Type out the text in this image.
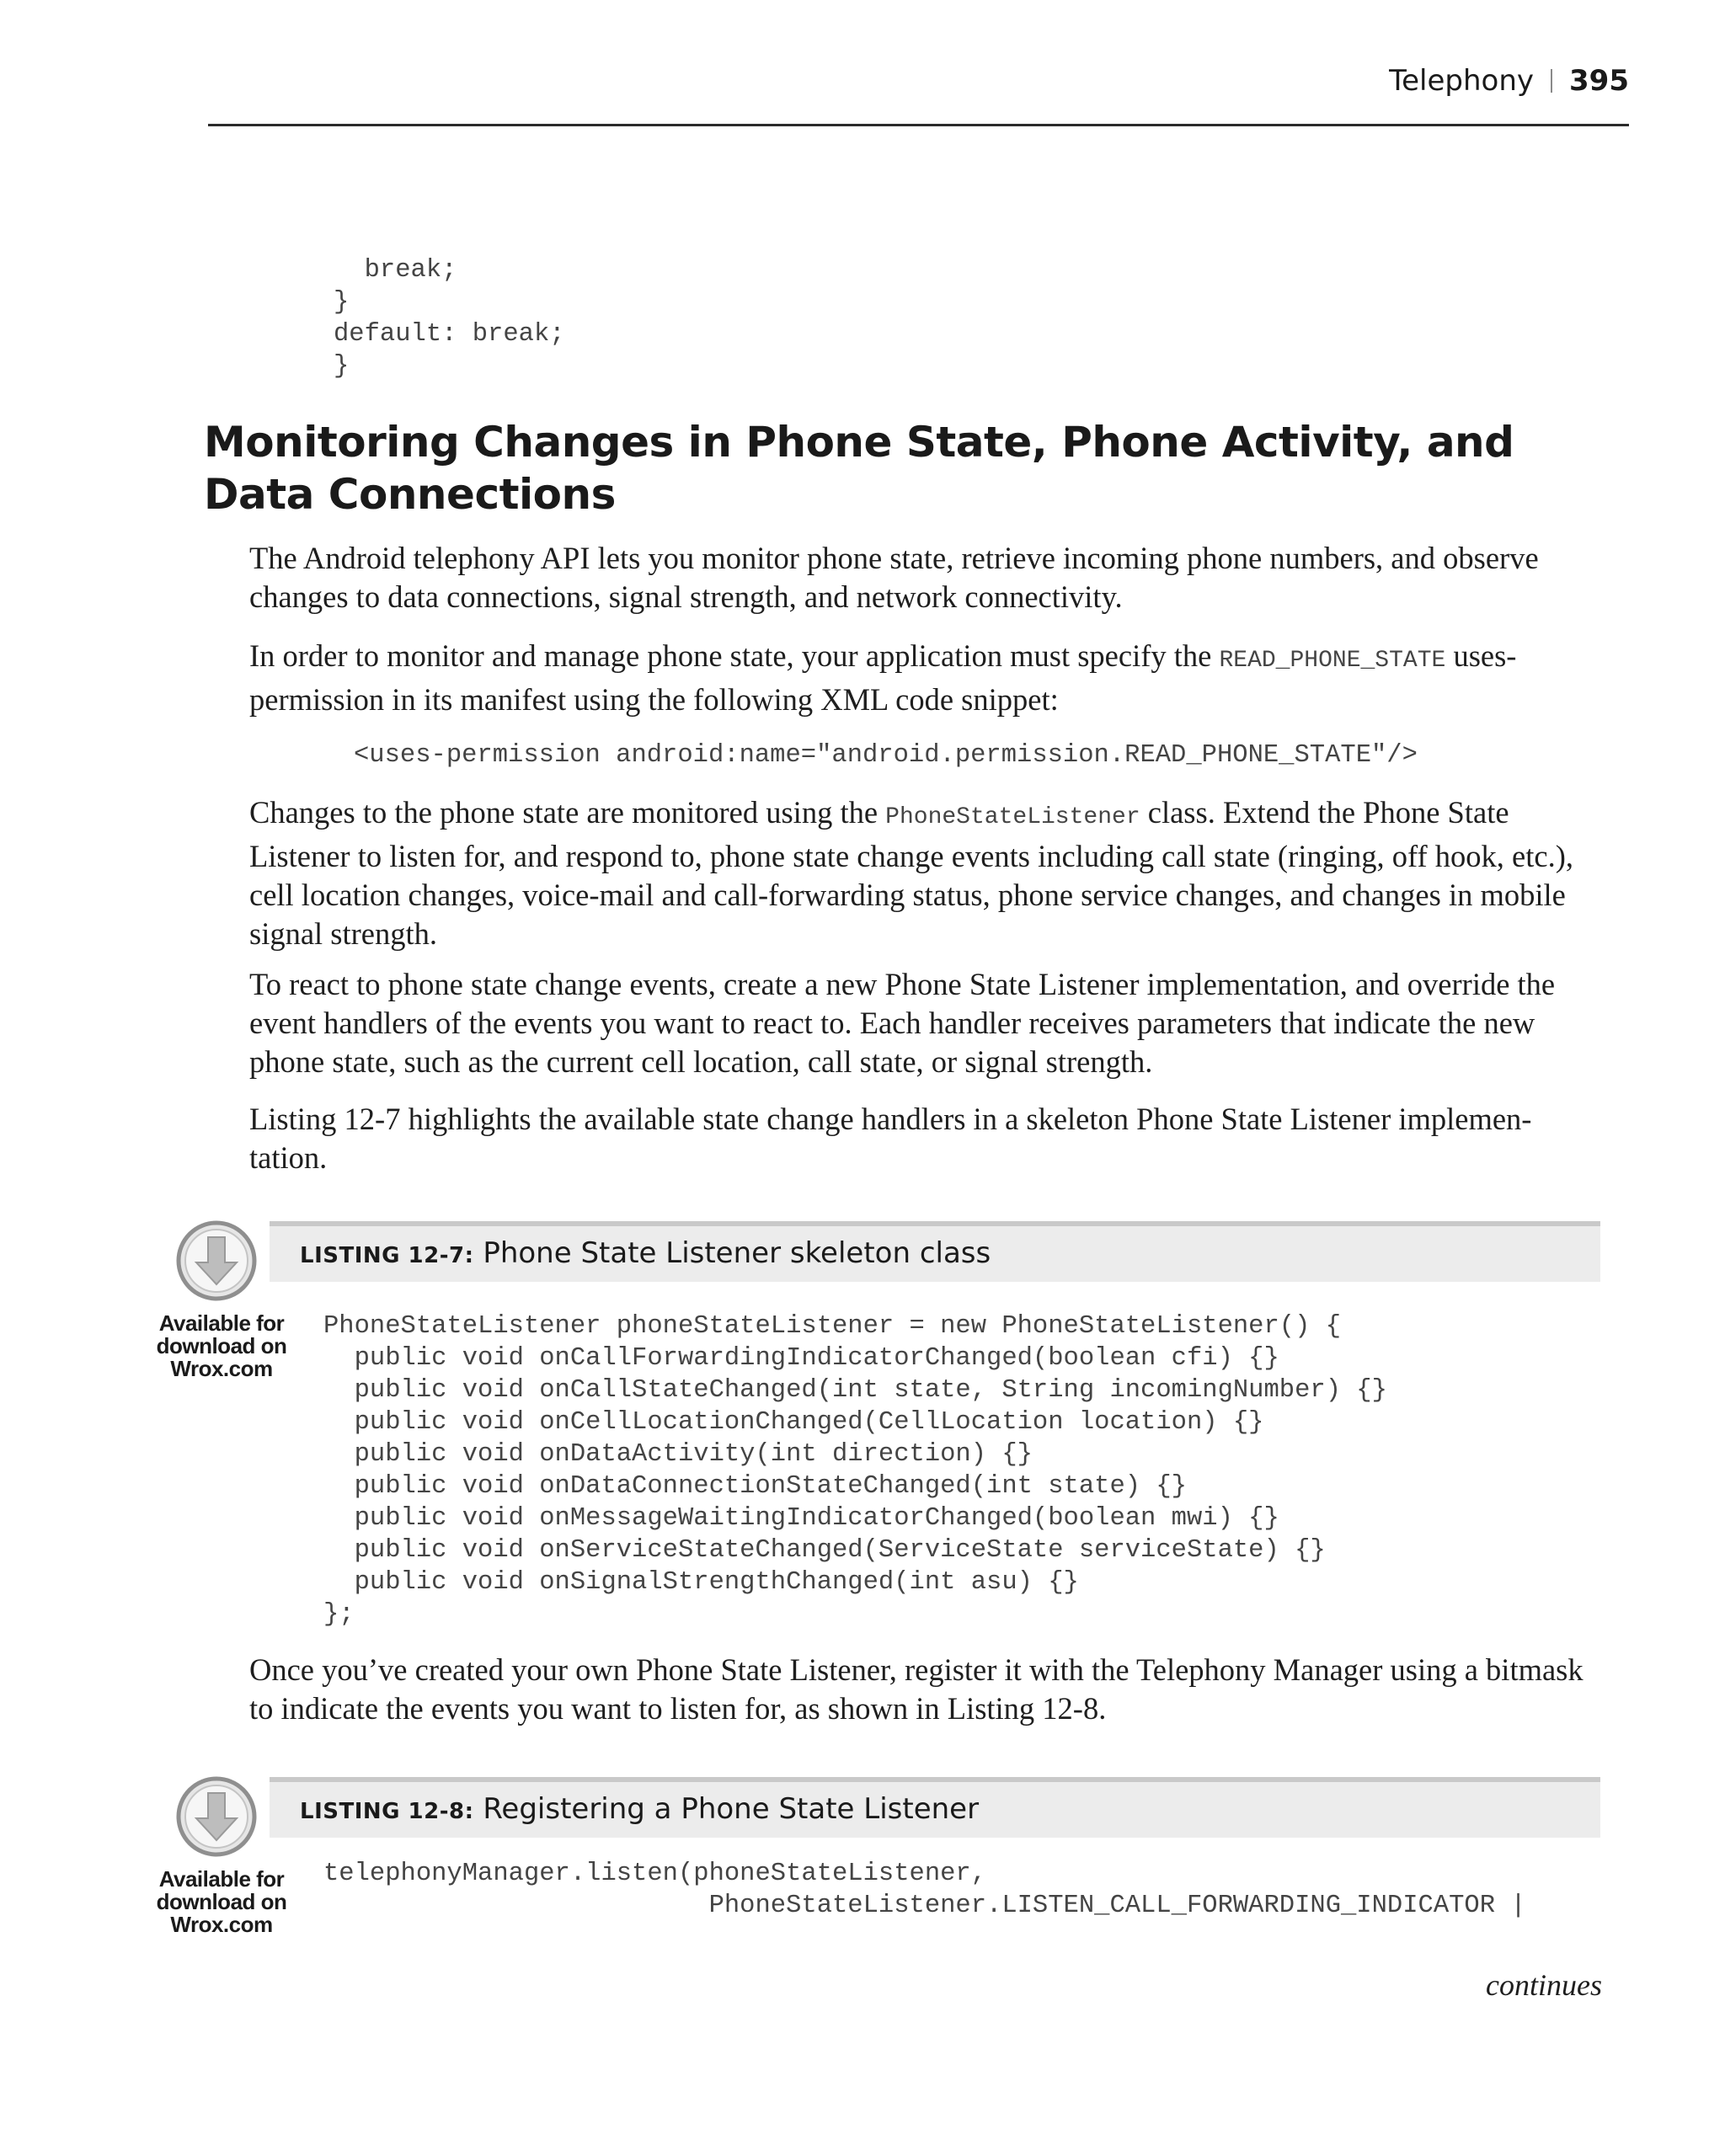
Telephony 395
break;
}
default: break;
}
Monitoring Changes in Phone State, Phone Activity, and Data Connections

The Android telephony API lets you monitor phone state, retrieve incoming phone numbers, and observe changes to data connections, signal strength, and network connectivity.

In order to monitor and manage phone state, your application must specify the READ_PHONE_STATE uses-permission in its manifest using the following XML code snippet:

<uses-permission android:name="android.permission.READ_PHONE_STATE"/>

Changes to the phone state are monitored using the PhoneStateListener class. Extend the Phone State Listener to listen for, and respond to, phone state change events including call state (ringing, off hook, etc.), cell location changes, voice-mail and call-forwarding status, phone service changes, and changes in mobile signal strength.

To react to phone state change events, create a new Phone State Listener implementation, and override the event handlers of the events you want to react to. Each handler receives parameters that indicate the new phone state, such as the current cell location, call state, or signal strength.

Listing 12-7 highlights the available state change handlers in a skeleton Phone State Listener implemen-tation.

LISTING 12-7: Phone State Listener skeleton class
Available for
download on
Wrox.com
PhoneStateListener phoneStateListener = new PhoneStateListener() {
public void onCallForwardingIndicatorChanged(boolean cfi) {}
public void onCallStateChanged(int state, String incomingNumber) {}
public void onCellLocationChanged(CellLocation location) {}
public void onDataActivity(int direction) {}
public void onDataConnectionStateChanged(int state) {}
public void onMessageWaitingIndicatorChanged(boolean mwi) {}
public void onServiceStateChanged(ServiceState serviceState) {}
public void onSignalStrengthChanged(int asu) {}
};

Once you’ve created your own Phone State Listener, register it with the Telephony Manager using a bitmask to indicate the events you want to listen for, as shown in Listing 12-8.

LISTING 12-8: Registering a Phone State Listener
Available for
download on
Wrox.com
telephonyManager.listen(phoneStateListener,
PhoneStateListener.LISTEN_CALL_FORWARDING_INDICATOR |
continues
